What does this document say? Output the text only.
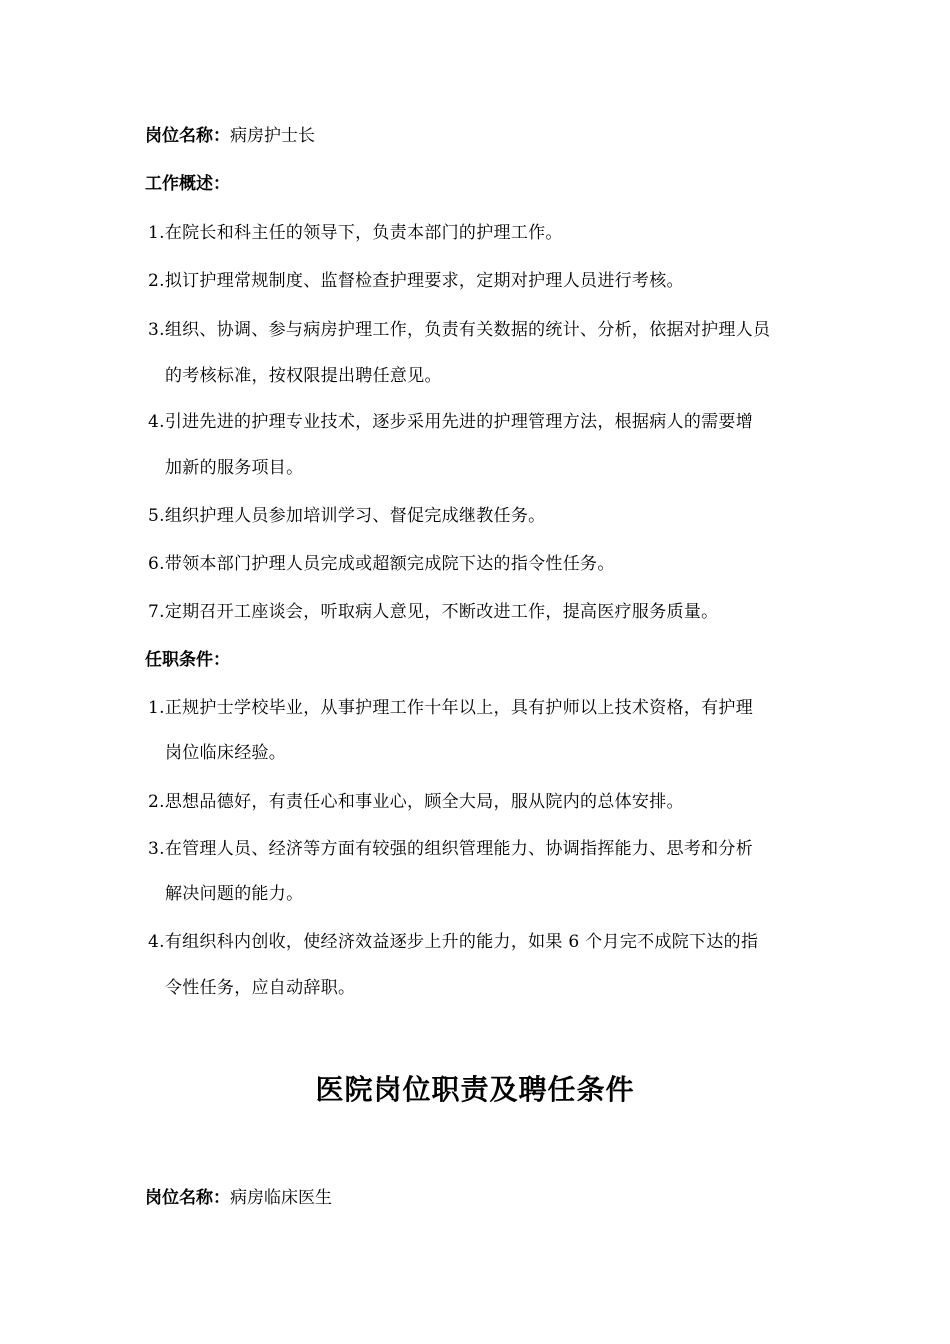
岗位名称：病房护士长
工作概述：
1.在院长和科主任的领导下，负责本部门的护理工作。
2.拟订护理常规制度、监督检查护理要求，定期对护理人员进行考核。
3.组织、协调、参与病房护理工作，负责有关数据的统计、分析，依据对护理人员
的考核标准，按权限提出聘任意见。
4.引进先进的护理专业技术，逐步采用先进的护理管理方法，根据病人的需要增
加新的服务项目。
5.组织护理人员参加培训学习、督促完成继教任务。
6.带领本部门护理人员完成或超额完成院下达的指令性任务。
7.定期召开工座谈会，听取病人意见，不断改进工作，提高医疗服务质量。
任职条件：
1.正规护士学校毕业，从事护理工作十年以上，具有护师以上技术资格，有护理
岗位临床经验。
2.思想品德好，有责任心和事业心，顾全大局，服从院内的总体安排。
3.在管理人员、经济等方面有较强的组织管理能力、协调指挥能力、思考和分析
解决问题的能力。
4.有组织科内创收，使经济效益逐步上升的能力，如果 6 个月完不成院下达的指
令性任务，应自动辞职。
医院岗位职责及聘任条件
岗位名称：病房临床医生
